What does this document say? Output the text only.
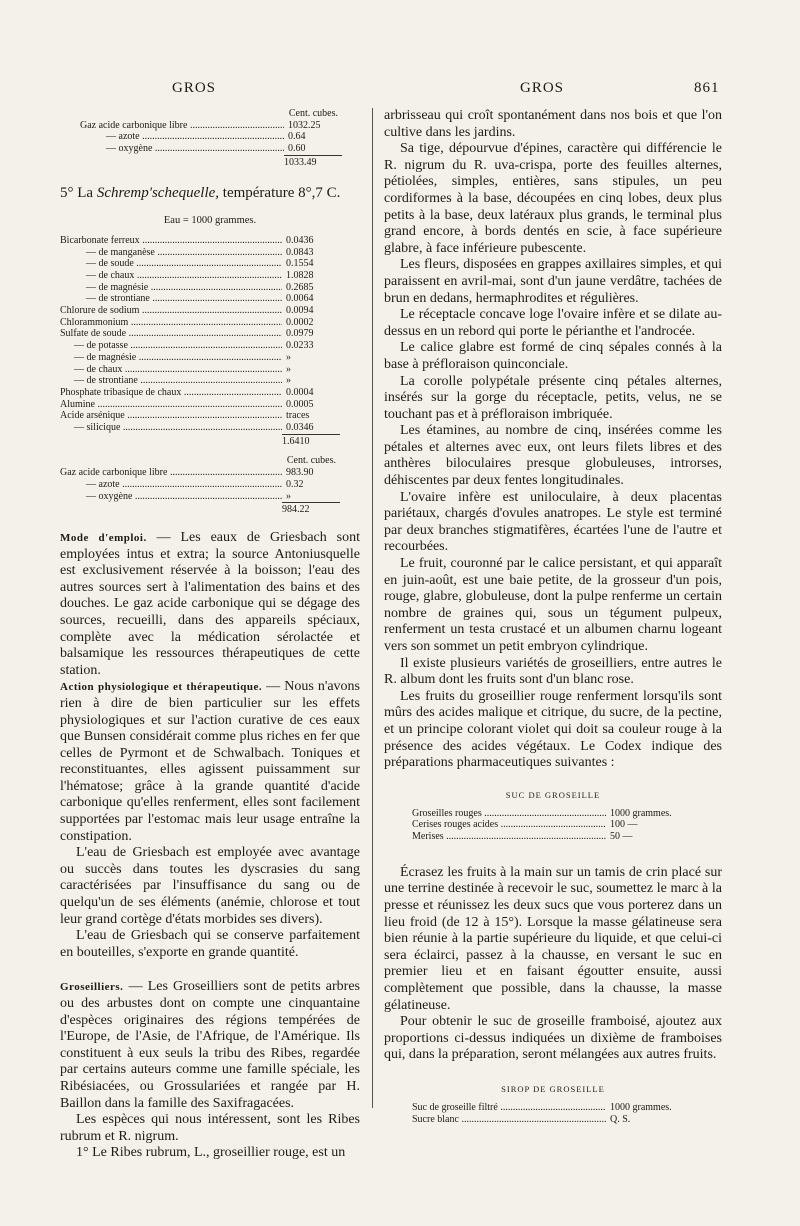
GROS	GROS	861
Cent. cubes.
Gaz acide carbonique libre .....	1032.25
— azote .....	0.64
— oxygène .....	0.60
1033.49

5° La Schremp'schequelle, température 8°,7 C.

Eau = 1000 grammes.
Bicarbonate ferreux .....	0.0436
— de manganèse .....	0.0843
— de soude .....	0.1554
— de chaux .....	1.0828
— de magnésie .....	0.2685
— de strontiane .....	0.0064
Chlorure de sodium .....	0.0094
Chlorammonium .....	0.0002
Sulfate de soude .....	0.0979
— de potasse .....	0.0233
— de magnésie .....	»
— de chaux .....	»
— de strontiane .....	»
Phosphate tribasique de chaux .....	0.0004
Alumine .....	0.0005
Acide arsénique .....	traces
— silicique .....	0.0346
1.6410
Cent. cubes.
Gaz acide carbonique libre .....	983.90
— azote .....	0.32
— oxygène .....	»
984.22

Mode d'emploi. — Les eaux de Griesbach sont employées intus et extra; la source Antoniusquelle est exclusivement réservée à la boisson; l'eau des autres sources sert à l'alimentation des bains et des douches. Le gaz acide carbonique qui se dégage des sources, recueilli, dans des appareils spéciaux, complète avec la médication sérolactée et balsamique les ressources thérapeutiques de cette station.

Action physiologique et thérapeutique. — Nous n'avons rien à dire de bien particulier sur les effets physiologiques et sur l'action curative de ces eaux que Bunsen considérait comme plus riches en fer que celles de Pyrmont et de Schwalbach. Toniques et reconstituantes, elles agissent puissamment sur l'hématose; grâce à la grande quantité d'acide carbonique qu'elles renferment, elles sont facilement supportées par l'estomac mais leur usage entraîne la constipation.

L'eau de Griesbach est employée avec avantage ou succès dans toutes les dyscrasies du sang caractérisées par l'insuffisance du sang ou de quelqu'un de ses éléments (anémie, chlorose et tout leur grand cortège d'états morbides ses divers).

L'eau de Griesbach qui se conserve parfaitement en bouteilles, s'exporte en grande quantité.

Groseilliers. — Les Groseilliers sont de petits arbres ou des arbustes dont on compte une cinquantaine d'espèces originaires des régions tempérées de l'Europe, de l'Asie, de l'Afrique, de l'Amérique. Ils constituent à eux seuls la tribu des Ribes, regardée par certains auteurs comme une famille spéciale, les Ribésiacées, ou Grossulariées et rangée par H. Baillon dans la famille des Saxifragacées.

Les espèces qui nous intéressent, sont les Ribes rubrum et R. nigrum.

1° Le Ribes rubrum, L., groseillier rouge, est un

arbrisseau qui croît spontanément dans nos bois et que l'on cultive dans les jardins.

Sa tige, dépourvue d'épines, caractère qui différencie le R. nigrum du R. uva-crispa, porte des feuilles alternes, pétiolées, simples, entières, sans stipules, un peu cordiformes à la base, découpées en cinq lobes, deux plus petits à la base, deux latéraux plus grands, le terminal plus grand encore, à bords dentés en scie, à face supérieure glabre, à face inférieure pubescente.

Les fleurs, disposées en grappes axillaires simples, et qui paraissent en avril-mai, sont d'un jaune verdâtre, tachées de brun en dedans, hermaphrodites et régulières.

Le réceptacle concave loge l'ovaire infère et se dilate au-dessus en un rebord qui porte le périanthe et l'androcée.

Le calice glabre est formé de cinq sépales connés à la base à préfloraison quinconciale.

La corolle polypétale présente cinq pétales alternes, insérés sur la gorge du réceptacle, petits, velus, ne se touchant pas et à préfloraison imbriquée.

Les étamines, au nombre de cinq, insérées comme les pétales et alternes avec eux, ont leurs filets libres et des anthères biloculaires presque globuleuses, introrses, déhiscentes par deux fentes longitudinales.

L'ovaire infère est uniloculaire, à deux placentas pariétaux, chargés d'ovules anatropes. Le style est terminé par deux branches stigmatifères, écartées l'une de l'autre et recourbées.

Le fruit, couronné par le calice persistant, et qui apparaît en juin-août, est une baie petite, de la grosseur d'un pois, rouge, glabre, globuleuse, dont la pulpe renferme un certain nombre de graines qui, sous un tégument pulpeux, renferment un testa crustacé et un albumen charnu logeant vers son sommet un petit embryon cylindrique.

Il existe plusieurs variétés de groseilliers, entre autres le R. album dont les fruits sont d'un blanc rose.

Les fruits du groseillier rouge renferment lorsqu'ils sont mûrs des acides malique et citrique, du sucre, de la pectine, et un principe colorant violet qui doit sa couleur rouge à la présence des acides végétaux. Le Codex indique des préparations pharmaceutiques suivantes :

SUC DE GROSEILLE
Groseilles rouges .....	1000 grammes.
Cerises rouges acides .....	100 —
Merises .....	50 —

Écrasez les fruits à la main sur un tamis de crin placé sur une terrine destinée à recevoir le suc, soumettez le marc à la presse et réunissez les deux sucs que vous porterez dans un lieu froid (de 12 à 15°). Lorsque la masse gélatineuse sera bien réunie à la partie supérieure du liquide, et que celui-ci sera éclairci, passez à la chausse, en versant le suc en premier lieu et en faisant égoutter ensuite, aussi complètement que possible, dans la chausse, la masse gélatineuse.

Pour obtenir le suc de groseille framboisé, ajoutez aux proportions ci-dessus indiquées un dixième de framboises qui, dans la préparation, seront mélangées aux autres fruits.

SIROP DE GROSEILLE
Suc de groseille filtré .....	1000 grammes.
Sucre blanc .....	Q. S.
